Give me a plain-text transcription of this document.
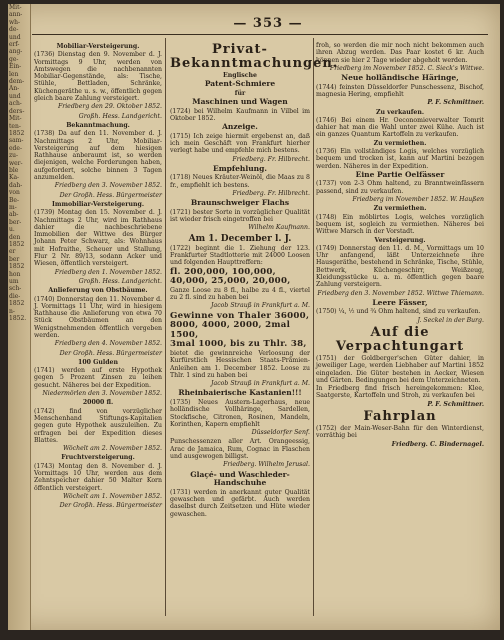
Mit-
ann-
wh-
de-
und
erf-
ang-
ge-
Ein-
len
dem-
An-
und
ach-
ders-
Mit-
ten-
1852
sam-
ede-
zu-
wer-
ble
Ka-
dah-
von
Be-
m-
ab-
ber-
u.
den
1852
er
ber
1852
hon
um
sch-
die-
1852
n-
1852.
— 353 —
Mobiliar-Versteigerung.
(1736) Dienstag den 9. November d. J. Vormittags 9 Uhr, werden von Amtswegen die nachbenannten Mobiliar-Gegenstände, als: Tische, Stühle, Bettladen, Schränke, Küchengeräthe u. s. w., öffentlich gegen gleich baare Zahlung versteigert.
Friedberg den 29. Oktober 1852.
Großh. Hess. Landgericht.
Bekanntmachung.
(1738) Da auf den 11. November d. J. Nachmittags 2 Uhr, Mobiliar-Versteigerung auf dem hiesigen Rathhause anberaumt ist, so werden diejenigen, welche Forderungen haben, aufgefordert, solche binnen 3 Tagen anzumelden.
Friedberg den 3. November 1852.
Der Großh. Hess. Bürgermeister
Immobiliar-Versteigerung.
(1739) Montag den 15. November d. J. Nachmittags 2 Uhr, wird im Rathhaus dahier die nachbeschriebene Immobilien der Wittwe des Bürger Johann Peter Schwarz, als: Wohnhaus mit Hofraithe, Scheuer und Stallung, Flur 2 Nr. 89/13, sodann Acker und Wiesen, öffentlich versteigert.
Friedberg den 1. November 1852.
Großh. Hess. Landgericht.
Anlieferung von Obstbäume.
(1740) Donnerstag den 11. November d. J. Vormittags 11 Uhr, wird in hiesigem Rathhause die Anlieferung von etwa 70 Stück Obstbäumen an den Wenigstnehmenden öffentlich vergeben werden.
Friedberg den 4. November 1852.
Der Großh. Hess. Bürgermeister
100 Gulden
(1741) werden auf erste Hypothek gegen 5 Prozent Zinsen zu leihen gesucht. Näheres bei der Expedition.
Niedermörlen den 3. November 1852.
20000 fl.
(1742) find von vorzüglicher Menschenhand Stiftungs-Kapitalien gegen gute Hypothek auszuleihen. Zu erfragen bei der Expedition dieses Blattes.
Wöchelt am 2. November 1852.
Fruchtversteigerung.
(1743) Montag den 8. November d. J. Vormittags 10 Uhr, werden aus dem Zehntspeicher dahier 50 Malter Korn öffentlich versteigert.
Wöchelt am 1. November 1852.
Der Großh. Hess. Bürgermeister
Privat-Bekanntmachungen.
Englische
Patent-Schmiere
für
Maschinen und Wagen
(1724) bei Wilhelm Kaufmann in Vilbel im Oktober 1852.
Anzeige.
(1715) Ich zeige hiermit ergebenst an, daß ich mein Geschäft von Frankfurt hierher verlegt habe und empfehle mich bestens.
Friedberg. Fr. Hilbrecht.
Empfehlung.
(1718) Neues Kräuter-Weinöl, die Maas zu 8 fr., empfiehlt ich bestens.
Friedberg. Fr. Hilbrecht.
Braunschweiger Flachs
(1721) bester Sorte in vorzüglicher Qualität ist wieder frisch eingetroffen bei
Wilhelm Kaufmann.
Am 1. December l. J.
(1722) beginnt die 1. Ziehung der 123. Frankfurter Stadtlotterie mit 24000 Loosen und folgenden Haupttreffern:
fl. 200,000, 100,000,
40,000, 25,000, 20,000,
Ganze Loose zu 8 fl., halbe zu 4 fl., viertel zu 2 fl. sind zu haben bei
Jacob Strauß in Frankfurt a. M.
Gewinne von Thaler 36000,
8000, 4000, 2000, 2mal 1500,
3mal 1000, bis zu Thlr. 38,
bietet die gewinnreiche Verloosung der Kurfürstlich Hessischen Staats-Prämien-Anleihen am 1. December 1852. Loose zu Thlr. 1 sind zu haben bei
Jacob Strauß in Frankfurt a. M.
Rheinbaierische Kastanien!!!
(1735) Neues Austern-Lagerhaus, neue holländische Vollhäringe, Sardellen, Stockfische, Citronen, Rosinen, Mandeln, Korinthen, Kapern empfiehlt
Düsseldorfer Senf.
Punschessenzen aller Art. Orangeessig, Arac de Jamaica, Rum, Cognac in Flaschen und ausgewogen billigst.
Friedberg. Wilhelm Jerusal.
Glaçé- und Waschleder-Handschuhe
(1731) werden in anerkannt guter Qualität gewaschen und gefärbt. Auch werden daselbst durch Zeitsetzen und Hüte wieder gewaschen.
froh, so werden die mir noch nicht bekommen auch ihren Abzug werden. Das Paar kostet 6 kr. Auch können sie hier 2 Tage wieder abgeholt werden.
Friedberg im November 1852. C. Sieck's Wittwe.
Neue holländische Häringe,
(1744) feinsten Düsseldorfer Punschessenz, Bischof, magnesia Hering, empfiehlt
P. F. Schmittner.
Zu verkaufen.
(1746) Bei einem Hr. Oeconomieverwalter Tomrit dahier hat man die Wahl unter zwei Kühe. Auch ist ein ganzes Quantum Kartoffeln zu verkaufen.
Zu vermiethen.
(1736) Ein vollständiges Logis, welches vorzüglich bequem und trocken ist, kann auf Martini bezogen werden. Näheres in der Expedition.
Eine Partie Oelfässer
(1737) von 2-3 Ohm haltend, zu Branntweinfässern passend, sind zu verkaufen.
Friedberg im November 1852. W. Haußen
Zu vermiethen.
(1748) Ein möblirtes Logis, welches vorzüglich bequem ist, sogleich zu vermiethen. Näheres bei Wittwe Marsch in der Vorstadt.
Versteigerung.
(1749) Donnerstag den 11. d. M., Vormittags um 10 Uhr anfangend, läßt Unterzeichnete ihre Hausgeräthe, bestehend in Schränke, Tische, Stühle, Bettwerk, Küchengeschirr, Weißzeug, Kleidungsstücke u. a. m. öffentlich gegen baare Zahlung versteigern.
Friedberg den 3. November 1852. Wittwe Thiemann.
Leere Fässer,
(1750) ¼, ½ und ¾ Ohm haltend, sind zu verkaufen.
J. Seckel in der Burg.
Auf die Verpachtungart
(1751) der Goldberger'schen Güter dahier, in jeweiliger Lage, werden Liebhaber auf Martini 1852 eingeladen. Die Güter bestehen in Aecker, Wiesen und Gärten. Bedingungen bei dem Unterzeichneten.
In Friedberg find frisch hereingekommen: Klee, Saatgerste, Kartoffeln und Stroh, zu verkaufen bei
P. F. Schmittner.
Fahrplan
(1752) der Main-Weser-Bahn für den Winterdienst, vorräthig bei
Friedberg. C. Bindernagel.
